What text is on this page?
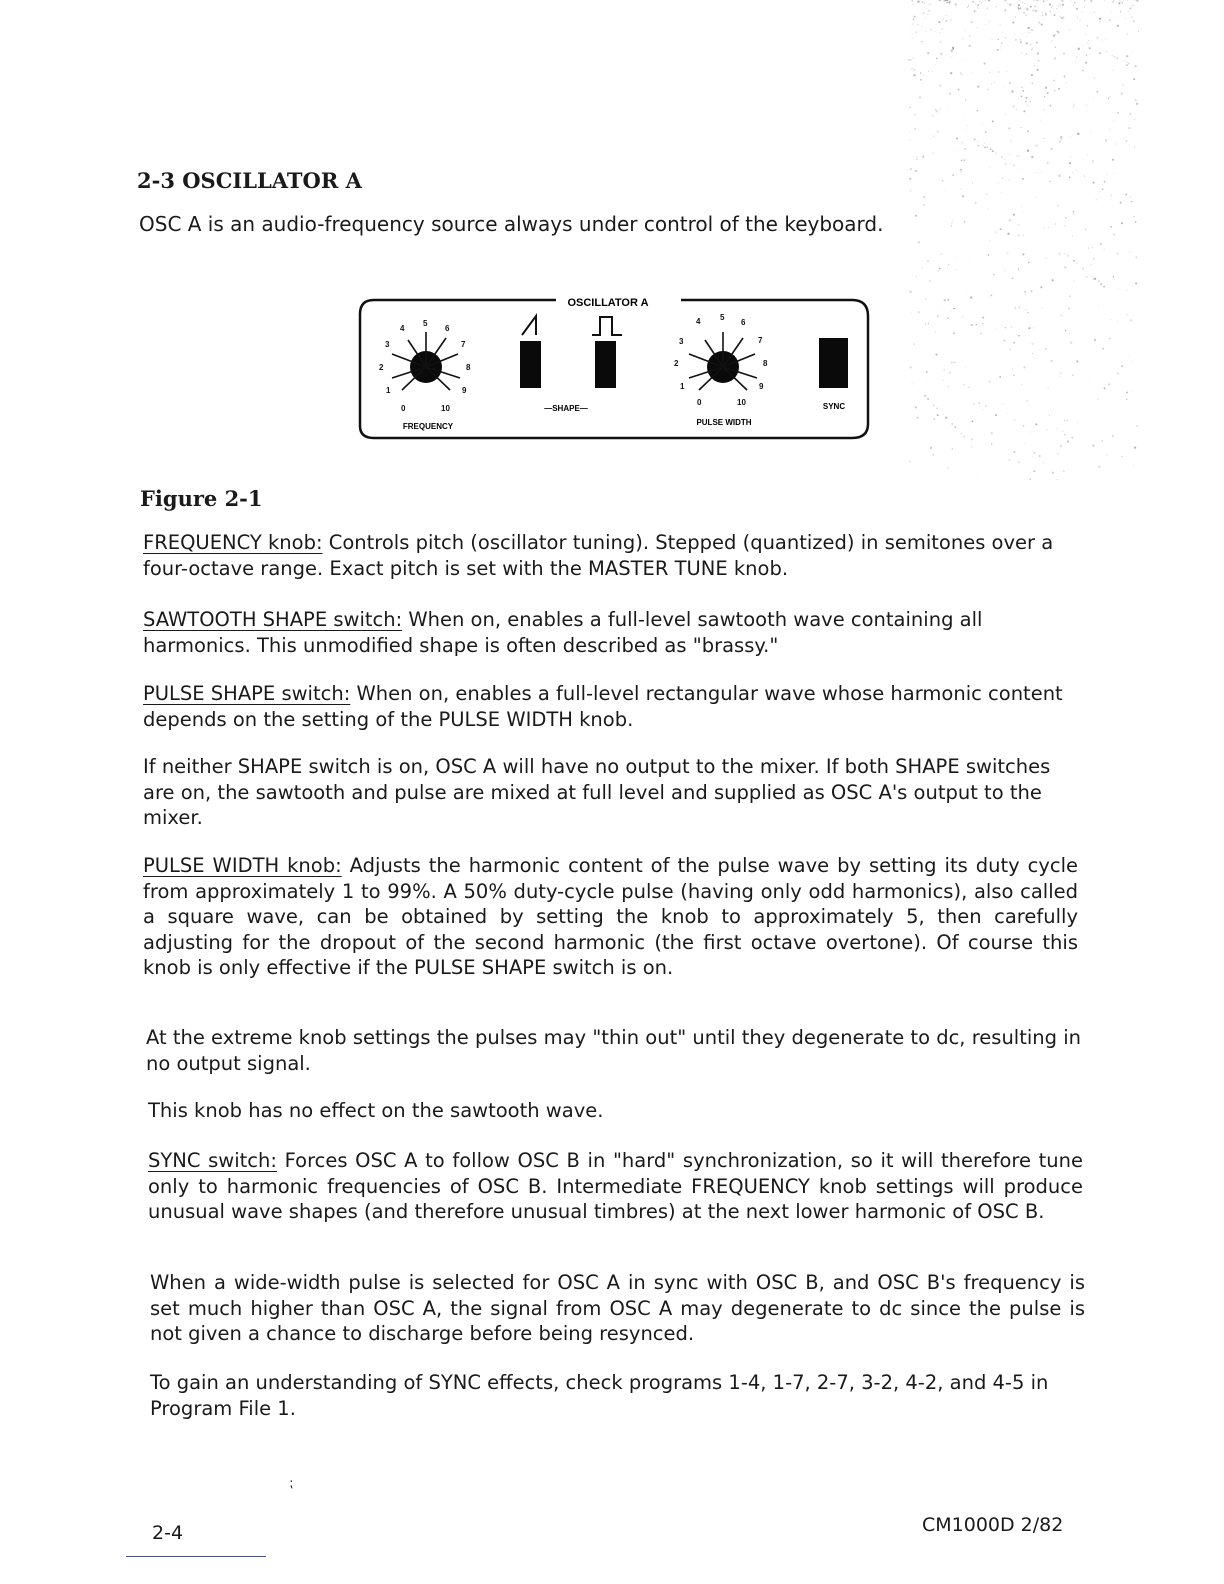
2-3 OSCILLATOR A
OSC A is an audio-frequency source always under control of the keyboard.
OSCILLATOR A
0
1
2
3
4
5
6
7
8
9
10
FREQUENCY
—SHAPE—
0
1
2
3
4 5
6
7
8
9
10
PULSE WIDTH
SYNC
Figure 2-1

FREQUENCY knob: Controls pitch (oscillator tuning). Stepped (quantized) in semitones over a four-octave range. Exact pitch is set with the MASTER TUNE knob.

SAWTOOTH SHAPE switch: When on, enables a full-level sawtooth wave containing all harmonics. This unmodified shape is often described as "brassy."

PULSE SHAPE switch: When on, enables a full-level rectangular wave whose harmonic content depends on the setting of the PULSE WIDTH knob.

If neither SHAPE switch is on, OSC A will have no output to the mixer. If both SHAPE switches are on, the sawtooth and pulse are mixed at full level and supplied as OSC A's output to the mixer.

PULSE WIDTH knob: Adjusts the harmonic content of the pulse wave by setting its duty cycle from approximately 1 to 99%. A 50% duty-cycle pulse (having only odd harmonics), also called a square wave, can be obtained by setting the knob to approximately 5, then carefully adjusting for the dropout of the second harmonic (the first octave overtone). Of course this knob is only effective if the PULSE SHAPE switch is on.

At the extreme knob settings the pulses may "thin out" until they degenerate to dc, resulting in no output signal.

This knob has no effect on the sawtooth wave.

SYNC switch: Forces OSC A to follow OSC B in "hard" synchronization, so it will therefore tune only to harmonic frequencies of OSC B. Intermediate FREQUENCY knob settings will produce unusual wave shapes (and therefore unusual timbres) at the next lower harmonic of OSC B.

When a wide-width pulse is selected for OSC A in sync with OSC B, and OSC B's frequency is set much higher than OSC A, the signal from OSC A may degenerate to dc since the pulse is not given a chance to discharge before being resynced.

To gain an understanding of SYNC effects, check programs 1-4, 1-7, 2-7, 3-2, 4-2, and 4-5 in Program File 1.

⁏
2-4	CM1000D 2/82
